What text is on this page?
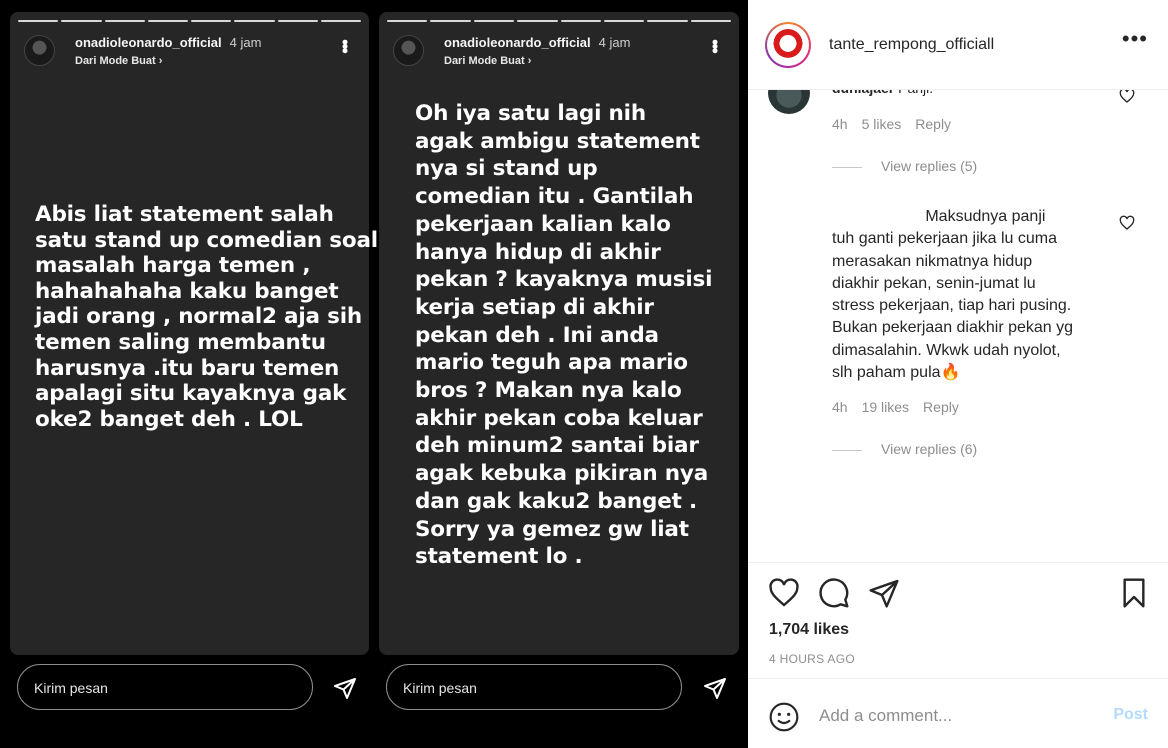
onadioleonardo_official 4 jam
Dari Mode Buat ›
•••
Abis liat statement salah
satu stand up comedian soal
masalah harga temen ,
hahahahaha kaku banget
jadi orang , normal2 aja sih
temen saling membantu
harusnya .itu baru temen
apalagi situ kayaknya gak
oke2 banget deh . LOL
Kirim pesan
onadioleonardo_official 4 jam
Dari Mode Buat ›
•••
Oh iya satu lagi nih
agak ambigu statement
nya si stand up
comedian itu . Gantilah
pekerjaan kalian kalo
hanya hidup di akhir
pekan ? kayaknya musisi
kerja setiap di akhir
pekan deh . Ini anda
mario teguh apa mario
bros ? Makan nya kalo
akhir pekan coba keluar
deh minum2 santai biar
agak kebuka pikiran nya
dan gak kaku2 banget .
Sorry ya gemez gw liat
statement lo .
Kirim pesan
4h 5 likes Reply
View replies (5)
Maksudnya panji
tuh ganti pekerjaan jika lu cuma
merasakan nikmatnya hidup
diakhir pekan, senin-jumat lu
stress pekerjaan, tiap hari pusing.
Bukan pekerjaan diakhir pekan yg
dimasalahin. Wkwk udah nyolot,
slh paham pula🔥
4h 19 likes Reply
View replies (6)
tante_rempong_officiall	•••
1,704 likes
4 HOURS AGO
Add a comment...	Post
